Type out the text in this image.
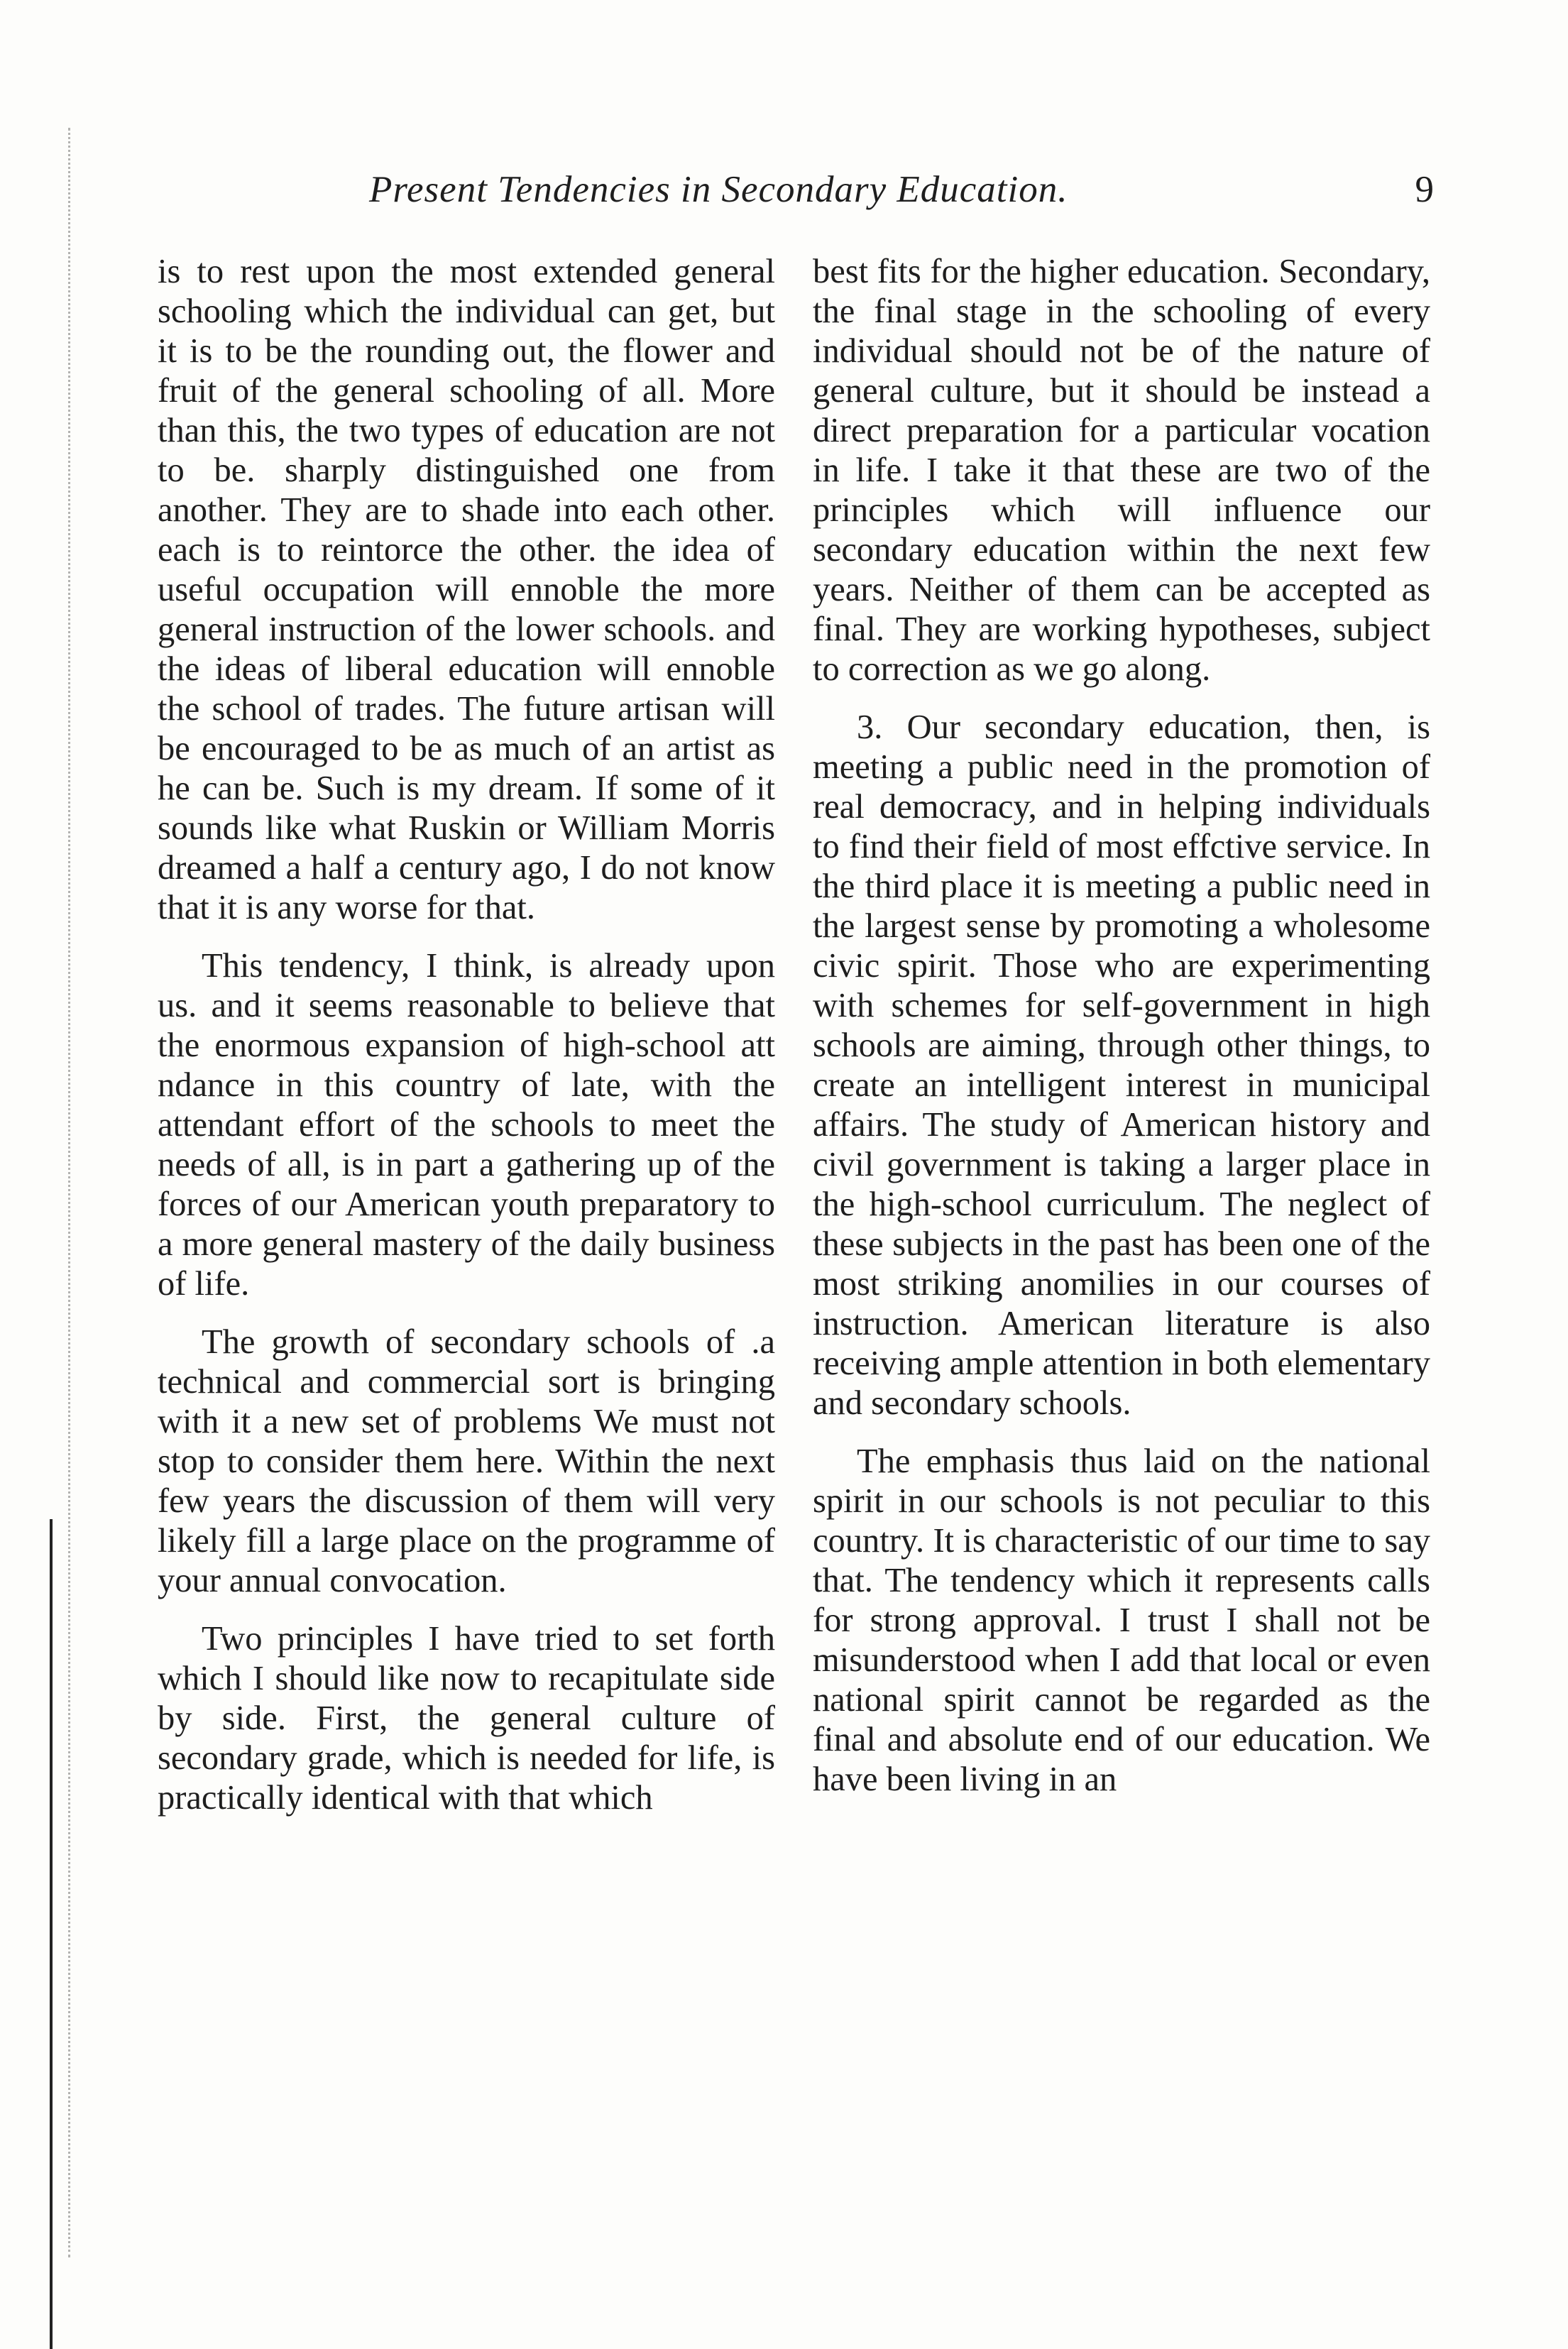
Present Tendencies in Secondary Education.	9

is to rest upon the most extended general schooling which the individual can get, but it is to be the rounding out, the flower and fruit of the general schooling of all. More than this, the two types of education are not to be. sharply distinguished one from another. They are to shade into each other. each is to reintorce the other. the idea of useful occupation will ennoble the more general instruction of the lower schools. and the ideas of liberal education will ennoble the school of trades. The future artisan will be encouraged to be as much of an artist as he can be. Such is my dream. If some of it sounds like what Ruskin or William Morris dreamed a half a century ago, I do not know that it is any worse for that.

This tendency, I think, is already upon us. and it seems reasonable to believe that the enormous expansion of high-school att ndance in this country of late, with the attendant effort of the schools to meet the needs of all, is in part a gathering up of the forces of our American youth preparatory to a more general mastery of the daily business of life.

The growth of secondary schools of .a technical and commercial sort is bringing with it a new set of problems We must not stop to consider them here. Within the next few years the discussion of them will very likely fill a large place on the programme of your annual convocation.

Two principles I have tried to set forth which I should like now to recapitulate side by side. First, the general culture of secondary grade, which is needed for life, is practically identical with that which

best fits for the higher education. Secondary, the final stage in the schooling of every individual should not be of the nature of general culture, but it should be instead a direct preparation for a particular vocation in life. I take it that these are two of the principles which will influence our secondary education within the next few years. Neither of them can be accepted as final. They are working hypotheses, subject to correction as we go along.

3. Our secondary education, then, is meeting a public need in the promotion of real democracy, and in helping individuals to find their field of most effctive service. In the third place it is meeting a public need in the largest sense by promoting a wholesome civic spirit. Those who are experimenting with schemes for self-government in high schools are aiming, through other things, to create an intelligent interest in municipal affairs. The study of American history and civil government is taking a larger place in the high-school curriculum. The neglect of these subjects in the past has been one of the most striking anomilies in our courses of instruction. American literature is also receiving ample attention in both elementary and secondary schools.

The emphasis thus laid on the national spirit in our schools is not peculiar to this country. It is characteristic of our time to say that. The tendency which it represents calls for strong approval. I trust I shall not be misunderstood when I add that local or even national spirit cannot be regarded as the final and absolute end of our education. We have been living in an
